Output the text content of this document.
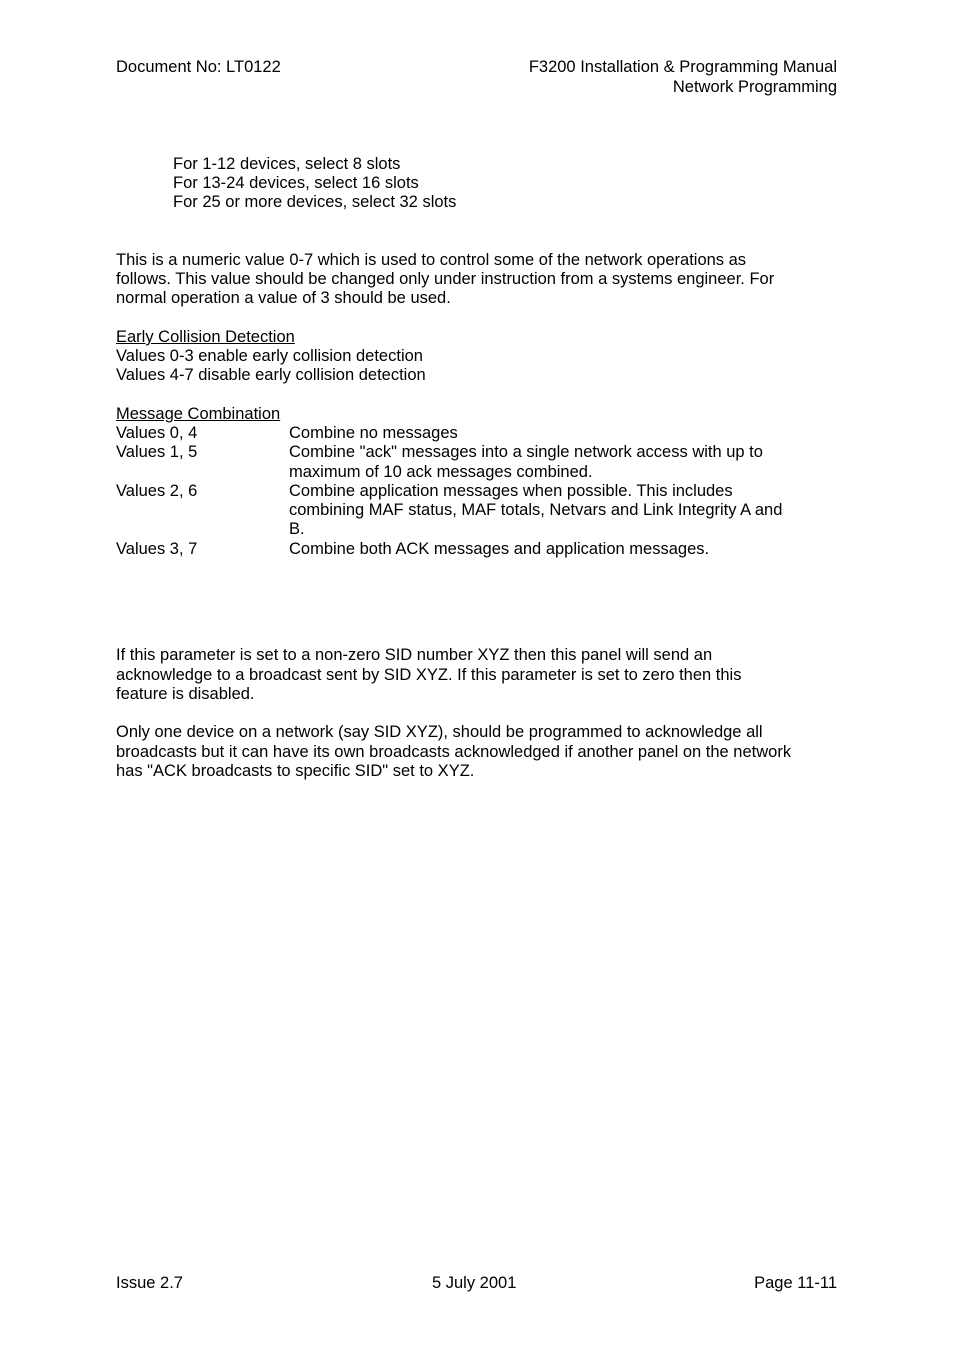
Document No: LT0122	F3200 Installation & Programming Manual
Network Programming
For 1-12 devices, select 8 slots
For 13-24 devices, select 16 slots
For 25 or more devices, select 32 slots
This is a numeric value 0-7 which is used to control some of the network operations as
follows. This value should be changed only under instruction from a systems engineer. For
normal operation a value of 3 should be used.
Early Collision Detection
Values 0-3 enable early collision detection
Values 4-7 disable early collision detection
Message Combination
Values 0, 4	Combine no messages
Values 1, 5	Combine "ack" messages into a single network access with up to
maximum of 10 ack messages combined.
Values 2, 6	Combine application messages when possible. This includes
combining MAF status, MAF totals, Netvars and Link Integrity A and
B.
Values 3, 7	Combine both ACK messages and application messages.
If this parameter is set to a non-zero SID number XYZ then this panel will send an
acknowledge to a broadcast sent by SID XYZ. If this parameter is set to zero then this
feature is disabled.
Only one device on a network (say SID XYZ), should be programmed to acknowledge all
broadcasts but it can have its own broadcasts acknowledged if another panel on the network
has "ACK broadcasts to specific SID" set to XYZ.
Issue 2.7	5 July 2001	Page 11-11
